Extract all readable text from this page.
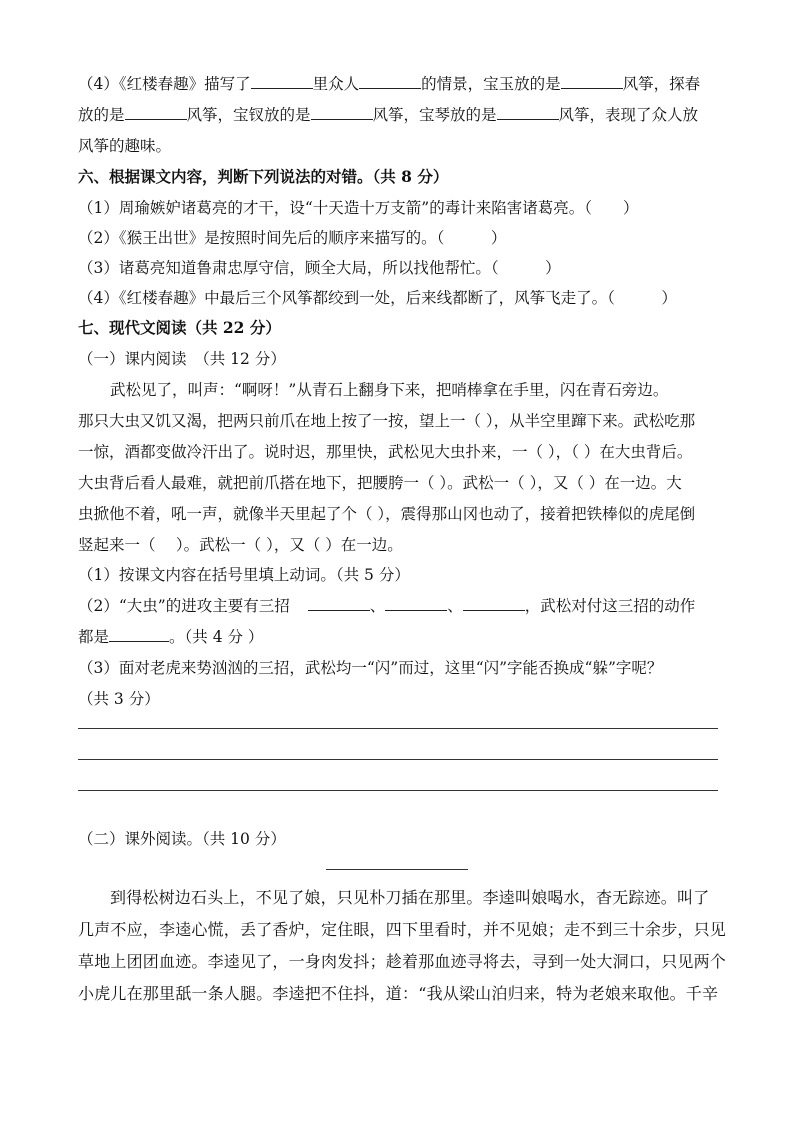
（4）《红楼春趣》描写了	里众人	的情景，宝玉放的是	风筝，探春

放的是	风筝，宝钗放的是	风筝，宝琴放的是	风筝，表现了众人放

风筝的趣味。

六、根据课文内容，判断下列说法的对错。（共 8 分）

（1）周瑜嫉妒诸葛亮的才干，设“十天造十万支箭”的毒计来陷害诸葛亮。（　　）

（2）《猴王出世》是按照时间先后的顺序来描写的。（　　　）

（3）诸葛亮知道鲁肃忠厚守信，顾全大局，所以找他帮忙。（　　　）

（4）《红楼春趣》中最后三个风筝都绞到一处，后来线都断了，风筝飞走了。（　　　）

七、现代文阅读（共 22 分）

（一）课内阅读　（共 12 分）

武松见了，叫声：“啊呀！”从青石上翻身下来，把哨棒拿在手里，闪在青石旁边。

那只大虫又饥又渴，把两只前爪在地上按了一按，望上一（ ），从半空里蹿下来。武松吃那

一惊，酒都变做冷汗出了。说时迟，那里快，武松见大虫扑来，一（ ），（ ）在大虫背后。

大虫背后看人最难，就把前爪搭在地下，把腰胯一（ ）。武松一（ ），又（ ）在一边。大

虫掀他不着，吼一声，就像半天里起了个（ ），震得那山冈也动了，接着把铁棒似的虎尾倒

竖起来一（　 ）。武松一（ ），又（ ）在一边。

（1）按课文内容在括号里填上动词。（共 5 分）

（2）“大虫”的进攻主要有三招	、	、	，武松对付这三招的动作

都是	。（共 4 分 ）

（3）面对老虎来势汹汹的三招，武松均一“闪”而过，这里“闪”字能否换成“躲”字呢？

（共 3 分）

（二）课外阅读。（共 10 分）

到得松树边石头上，不见了娘，只见朴刀插在那里。李逵叫娘喝水，杳无踪迹。叫了

几声不应，李逵心慌，丢了香炉，定住眼，四下里看时，并不见娘；走不到三十余步，只见

草地上团团血迹。李逵见了，一身肉发抖；趁着那血迹寻将去，寻到一处大洞口，只见两个

小虎儿在那里舐一条人腿。李逵把不住抖，道：“我从梁山泊归来，特为老娘来取他。千辛
